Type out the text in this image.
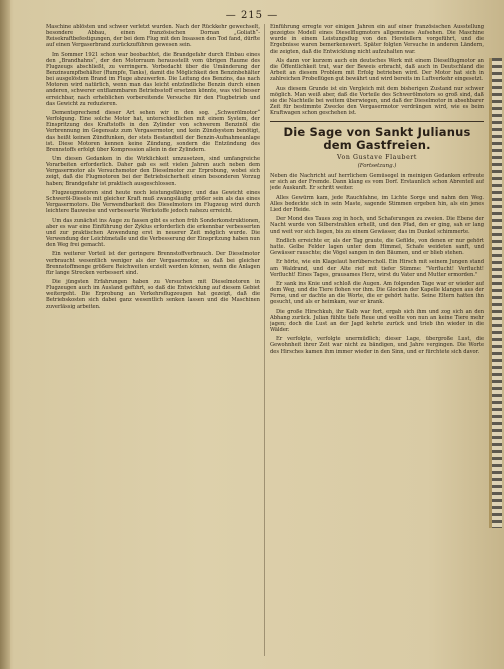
— 215 —

Maschine ablösten und schwer verletzt wurden. Nach der Rückkehr gewechselt, besondere Abbau, einen französischen Dornan „Goliath“-Reisekraftbefestigungen, der bei dem Flug mit den Insassen den Tod fand, dürfte auf einen Vergaserbrand zurückzuführen gewesen sein.

Im Sommer 1921 schon war beobachtet, die Brandgefahr durch Einbau eines den „Brandhahns“, der den Motorraum herausstellt vom übrigen Raume des Flugzeugs abschließt, zu verringern. Vorbedacht über die Umänderung der Benzinsumpfbehälter (Rumpfe, Tanks), damit die Möglichkeit den Benzinbehälter bei ausgelöstem Brand im Fluge abzuwerfen. Die Leitung des Benzins, das nach Motoren wird natürlich, wenn man das leicht entzündliche Benzin durch einen anderen, schwerer entflammbaren Betriebsstoff ersetzen könnte, was viel besser erreichbar, nach erheblichen vorbereitende Versuche für den Flugbetrieb und das Gewicht zu reduzieren.

Dementsprechend dieser Art sehen wir in den sog. „Schwerölmotor“ Verfolgung. Eine solche Motor hat, unterschiedlichen mit einem System, der Einspritzung des Kraftstoffs in den Zylinder von schwerem Benzinöl die Verbrennung im Gegensatz zum Vergasermotor, und kein Zündsystem benötigt, das heißt keinen Zündfunken, der stets Bestandteil der Benzin-Aufnahmeanlage ist. Diese Motoren kennen keine Zündung, sondern die Entzündung des Brennstoffs erfolgt über Kompression allein in der Zylindern.

Um diesen Gedanken in die Wirklichkeit umzusetzen, sind umfangreiche Vorarbeiten erforderlich. Daher gab es seit vielen Jahren auch neben dem Vergasermotor als Versuchsmotor den Dieselmotor zur Erprobung, wobei sich zeigt, daß die Flugmotoren bei der Betriebsicherheit einen besonderen Vorzug haben; Brandgefahr ist praktisch ausgeschlossen.

Flugzeugmotoren sind heute noch leistungsfähiger, und das Gewicht eines Schweröl-Diesels mit gleicher Kraft muß zwangsläufig größer sein als das eines Vergasermotors. Die Verwendbarkeit des Dieselmotors im Flugzeug wird durch leichtere Bauweise und verbesserte Werkstoffe jedoch nahezu erreicht.

Um das zunächst ins Auge zu fassen gibt es schon früh Sonderkonstruktionen, aber es war eine Einführung der Zyklus erforderlich die erkennbar verbesserten und zur praktischen Anwendung erst in neuerer Zeit möglich wurde. Die Verwendung der Leichtmetalle und die Verbesserung der Einspritzung haben nun den Weg frei gemacht.

Ein weiterer Vorteil ist der geringere Brennstoffverbrauch. Der Dieselmotor verbraucht wesentlich weniger als der Vergasermotor, so daß bei gleicher Brennstoffmenge größere Reichweiten erzielt werden können, wenn die Anlagen für lange Strecken verbessert sind.

Die jüngsten Erfahrungen haben zu Versuchen mit Dieselmotoren in Flugzeugen auch im Ausland geführt, so daß die Entwicklung auf diesem Gebiet weitergeht. Die Erprobung an Verkehrsflugzeugen hat gezeigt, daß die Betriebskosten sich dabei ganz wesentlich senken lassen und die Maschinen zuverlässig arbeiten.

Einführung erregte vor einigen Jahren ein auf einer französischen Ausstellung gezeigtes Modell eines Dieselflugmotors allgemeines Aufsehen. Die Maschine wurde in einem Leistungsflug von den Herstellern vorgeführt, und die Ergebnisse waren bemerkenswert. Später folgten Versuche in anderen Ländern, die zeigten, daß die Entwicklung nicht aufzuhalten war.

Als dann vor kurzem auch ein deutsches Werk mit einem Dieselflugmotor an die Öffentlichkeit trat, war der Beweis erbracht, daß auch in Deutschland die Arbeit an diesem Problem mit Erfolg betrieben wird. Der Motor hat sich in zahlreichen Probeflügen gut bewährt und wird bereits im Luftverkehr eingesetzt.

Aus diesem Grunde ist ein Vergleich mit dem bisherigen Zustand nur schwer möglich. Man weiß aber, daß die Vorteile des Schwerölmotors so groß sind, daß sie die Nachteile bei weitem überwiegen, und daß der Dieselmotor in absehbarer Zeit für bestimmte Zwecke den Vergasermotor verdrängen wird, wie es beim Kraftwagen schon geschehen ist.

Die Sage von Sankt Julianus dem Gastfreien.
Von Gustave Flaubert
(Fortsetzung.)

Neben die Nachricht auf herrlichem Gemüsegel in meinigen Gedanken erfreute er sich an der Fremde. Dann klang es vom Dorf. Erstaunlich schon Abrenteil auf jede Auskunft. Er schritt weiter.

Alles Gewürm kam, jede Rauchfahne, im Lichte Sorge und nahm den Weg. Alles bedeckte sich in sein Maste, sagende Stimmen ergeben hin, als ein jenes Lied der Heide.

Der Mond des Taues zog in hoch, und Schaferungen zu zweien. Die Ebene der Nacht wurde von Silberstrahlen erhellt, und den Pfad, den er ging, sah er lang und weit vor sich liegen, bis zu einem Gewässer, das im Dunkel schimmerte.

Endlich erreichte er, als der Tag graute, die Gefilde, von denen er nur gehört hatte. Gelbe Felder lagen unter dem Himmel, Schafe weideten sanft, und Gewässer rauschte; die Vögel sangen in den Bäumen, und er blieb stehen.

Er hörte, wie ein Klagelaut herüberscholl. Ein Hirsch mit seinem Jungen stand am Waldrand, und der Alte rief mit tiefer Stimme: "Verflucht! Verflucht! Verflucht! Eines Tages, grausames Herz, wirst du Vater und Mutter ermorden."

Er sank ins Knie und schloß die Augen. Am folgenden Tage war er wieder auf dem Weg, und die Tiere flohen vor ihm. Die Glocken der Kapelle klangen aus der Ferne, und er dachte an die Worte, die er gehört hatte. Seine Eltern hatten ihn gesucht, und als er heimkam, war er krank.

Die große Hirschkuh, ihr Kalb war fort, ergab sich ihm und zog sich an den Abhang zurück. Julian fühlte tiefe Reue und wollte von nun an keine Tiere mehr jagen; doch die Lust an der Jagd kehrte zurück und trieb ihn wieder in die Wälder.

Er verfolgte, verfolgte unermüdlich; dieser Lage, übergroße Lust, die Gewohnheit ihrer Zeit war nicht zu bändigen, und Jahre vergingen. Die Worte des Hirsches kamen ihm immer wieder in den Sinn, und er fürchtete sich davor.
